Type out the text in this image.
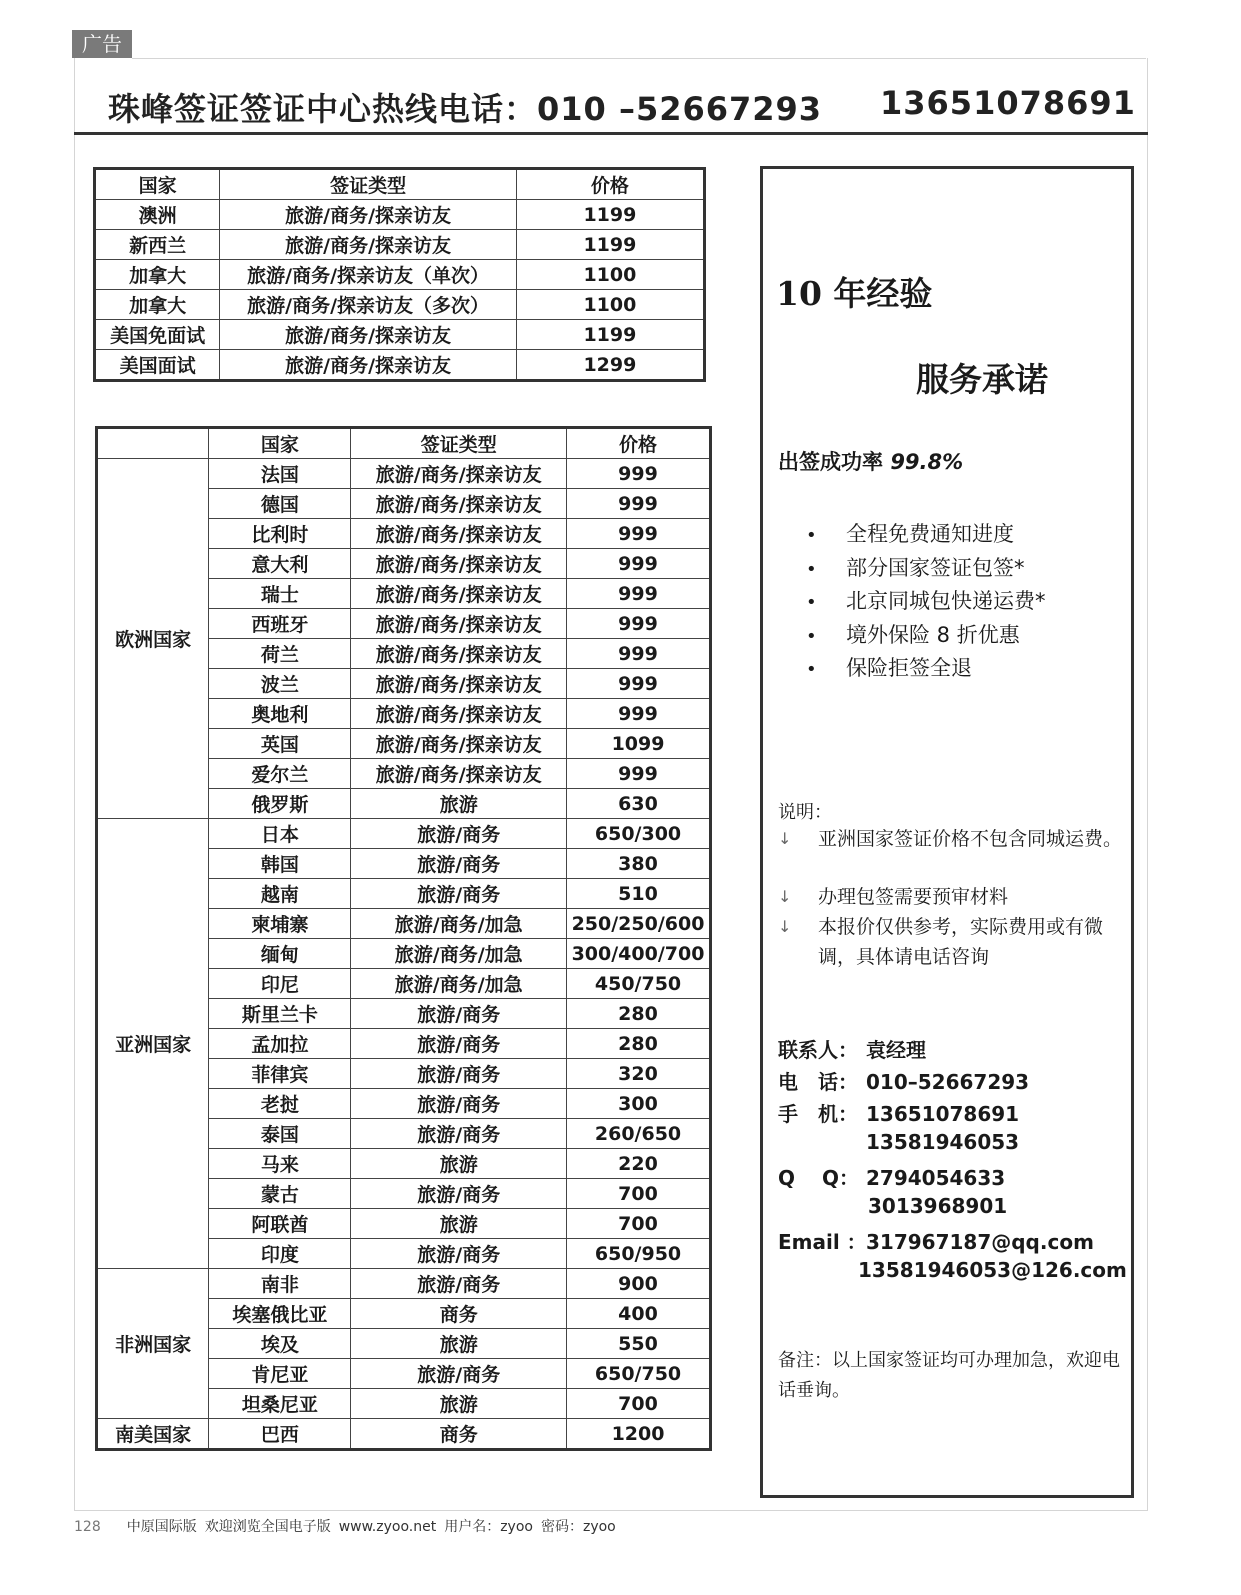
广告
珠峰签证签证中心热线电话：010 –52667293 13651078691
国家	签证类型	价格
澳洲	旅游/商务/探亲访友	1199
新西兰	旅游/商务/探亲访友	1199
加拿大	旅游/商务/探亲访友（单次）	1100
加拿大	旅游/商务/探亲访友（多次）	1100
美国免面试	旅游/商务/探亲访友	1199
美国面试	旅游/商务/探亲访友	1299
	国家	签证类型	价格
欧洲国家	法国	旅游/商务/探亲访友	999
	德国	旅游/商务/探亲访友	999
	比利时	旅游/商务/探亲访友	999
	意大利	旅游/商务/探亲访友	999
	瑞士	旅游/商务/探亲访友	999
	西班牙	旅游/商务/探亲访友	999
	荷兰	旅游/商务/探亲访友	999
	波兰	旅游/商务/探亲访友	999
	奥地利	旅游/商务/探亲访友	999
	英国	旅游/商务/探亲访友	1099
	爱尔兰	旅游/商务/探亲访友	999
	俄罗斯	旅游	630
亚洲国家	日本	旅游/商务	650/300
	韩国	旅游/商务	380
	越南	旅游/商务	510
	柬埔寨	旅游/商务/加急	250/250/600
	缅甸	旅游/商务/加急	300/400/700
	印尼	旅游/商务/加急	450/750
	斯里兰卡	旅游/商务	280
	孟加拉	旅游/商务	280
	菲律宾	旅游/商务	320
	老挝	旅游/商务	300
	泰国	旅游/商务	260/650
	马来	旅游	220
	蒙古	旅游/商务	700
	阿联酋	旅游	700
	印度	旅游/商务	650/950
非洲国家	南非	旅游/商务	900
	埃塞俄比亚	商务	400
	埃及	旅游	550
	肯尼亚	旅游/商务	650/750
	坦桑尼亚	旅游	700
南美国家	巴西	商务	1200
10 年经验
服务承诺
出签成功率 99.8%
• 全程免费通知进度
• 部分国家签证包签*
• 北京同城包快递运费*
• 境外保险 8 折优惠
• 保险拒签全退
说明：
↓	亚洲国家签证价格不包含同城运费。
↓	办理包签需要预审材料
↓	本报价仅供参考，实际费用或有微调，具体请电话咨询
联系人： 袁经理
电　话： 010–52667293
手　机： 13651078691
13581946053
Q　 Q： 2794054633
3013968901
Email ：317967187@qq.com
13581946053@126.com
备注：以上国家签证均可办理加急，欢迎电话垂询。
128 中原国际版 欢迎浏览全国电子版 www.zyoo.net 用户名：zyoo 密码：zyoo
